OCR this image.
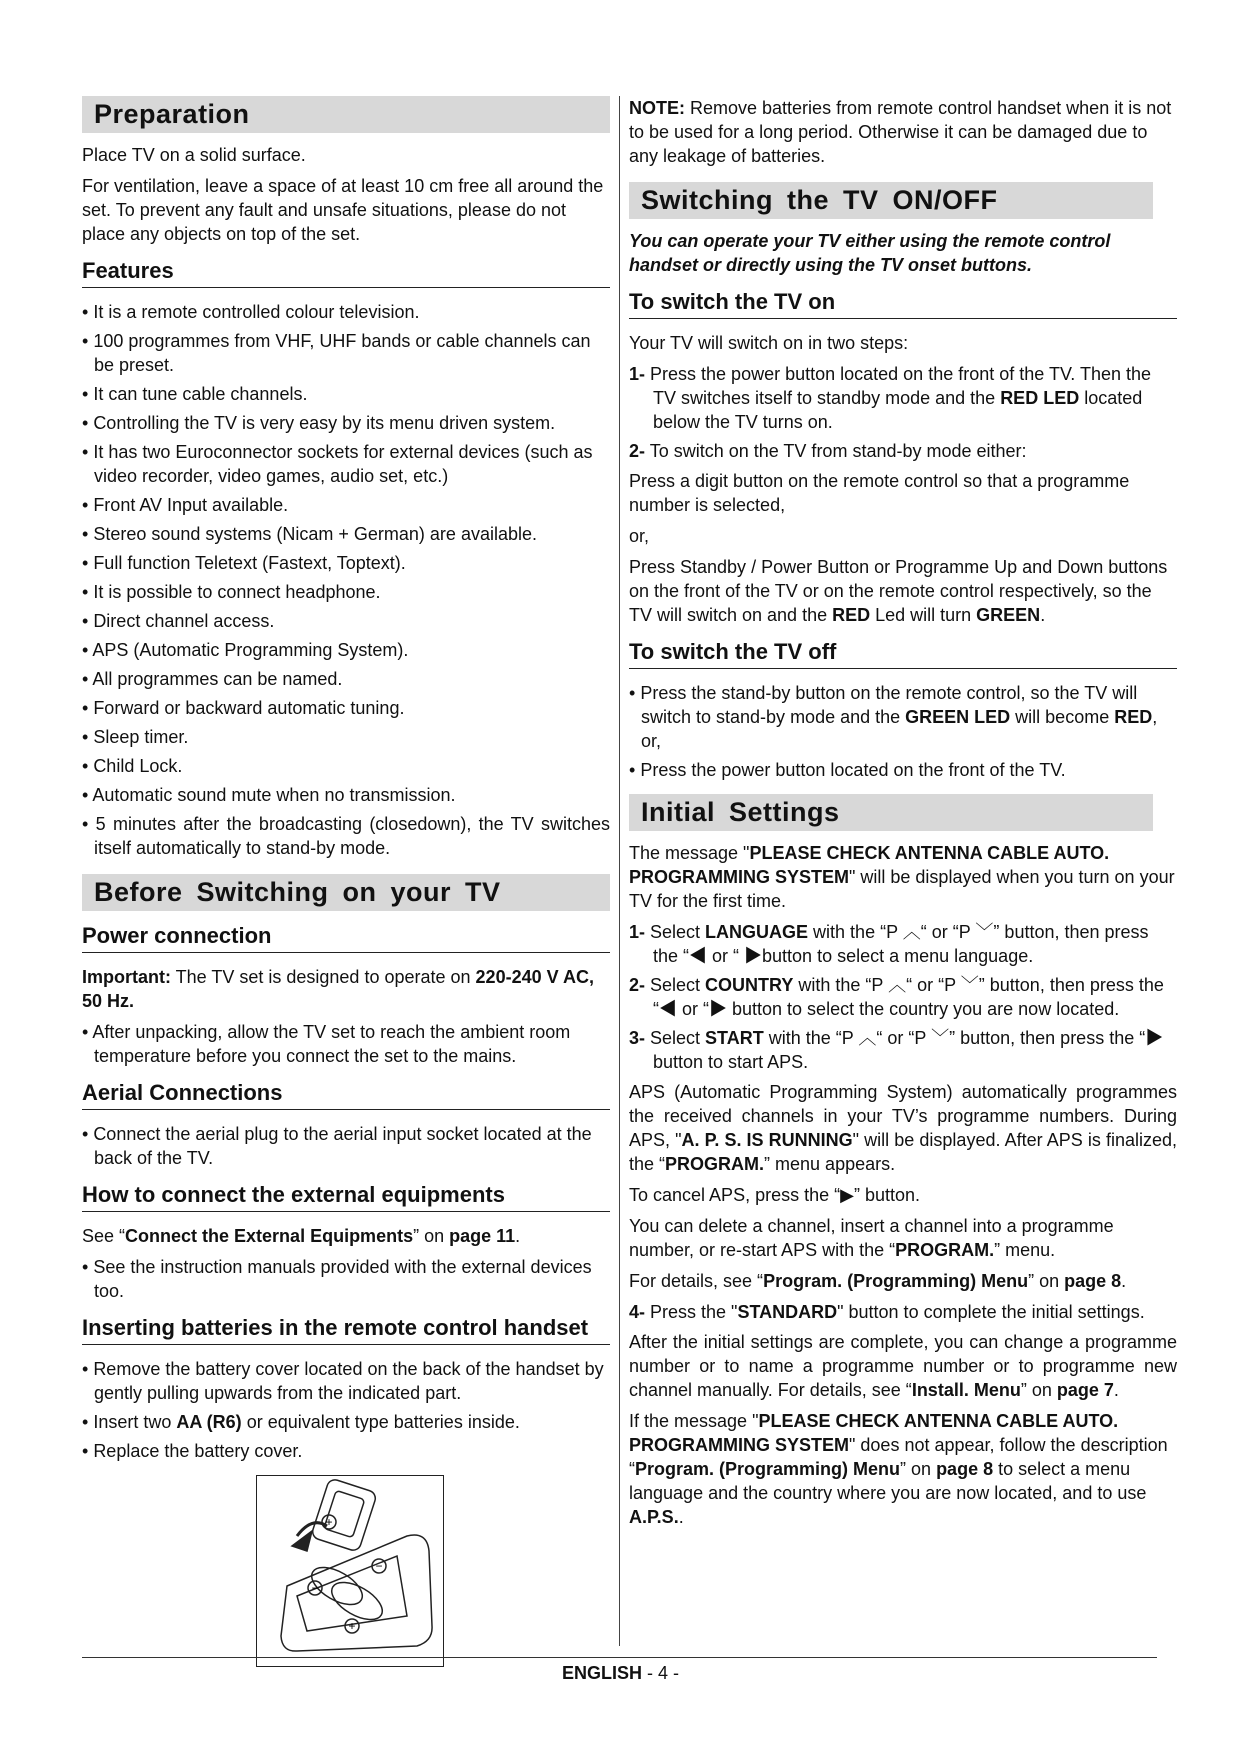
Preparation

Place TV on a solid surface.

For ventilation, leave a space of at least 10 cm free all around the set. To prevent any fault and unsafe situations, please do not place any objects on top of the set.

Features
• It is a remote controlled colour television.
• 100 programmes from VHF, UHF bands or cable channels can be preset.
• It can tune cable channels.
• Controlling the TV is very easy by its menu driven system.
• It has two Euroconnector sockets for external devices (such as video recorder, video games, audio set, etc.)
• Front AV Input available.
• Stereo sound systems (Nicam + German) are available.
• Full function Teletext (Fastext, Toptext).
• It is possible to connect headphone.
• Direct channel access.
• APS (Automatic Programming System).
• All programmes can be named.
• Forward or backward automatic tuning.
• Sleep timer.
• Child Lock.
• Automatic sound mute when no transmission.
• 5 minutes after the broadcasting (closedown), the TV switches itself automatically to stand-by mode.
Before Switching on your TV
Power connection

Important: The TV set is designed to operate on 220-240 V AC, 50 Hz.

• After unpacking, allow the TV set to reach the ambient room temperature before you connect the set to the mains.
Aerial Connections
• Connect the aerial plug to the aerial input socket located at the back of the TV.
How to connect the external equipments

See “Connect the External Equipments” on page 11.

• See the instruction manuals provided with the external devices too.
Inserting batteries in the remote control handset
• Remove the battery cover located on the back of the handset by gently pulling upwards from the indicated part.
• Insert two AA (R6) or equivalent type batteries inside.
• Replace the battery cover.
+
−
−
+

NOTE: Remove batteries from remote control handset when it is not to be used for a long period. Otherwise it can be damaged due to any leakage of batteries.

Switching the TV ON/OFF
You can operate your TV either using the remote control handset or directly using the TV onset buttons.
To switch the TV on

Your TV will switch on in two steps:

1- Press the power button located on the front of the TV. Then the TV switches itself to standby mode and the RED LED located below the TV turns on.
2- To switch on the TV from stand-by mode either:

Press a digit button on the remote control so that a programme number is selected,

or,

Press Standby / Power Button or Programme Up and Down buttons on the front of the TV or on the remote control respectively, so the TV will switch on and the RED Led will turn GREEN.

To switch the TV off
• Press the stand-by button on the remote control, so the TV will switch to stand-by mode and the GREEN LED will become RED, or,
• Press the power button located on the front of the TV.
Initial Settings

The message "PLEASE CHECK ANTENNA CABLE AUTO. PROGRAMMING SYSTEM" will be displayed when you turn on your TV for the first time.

1- Select LANGUAGE with the “P ︿“ or “P ﹀” button, then press the “◀ or “ ▶button to select a menu language.
2- Select COUNTRY with the “P ︿“ or “P ﹀” button, then press the “◀ or “▶ button to select the country you are now located.
3- Select START with the “P ︿“ or “P ﹀” button, then press the “▶ button to start APS.

APS (Automatic Programming System) automatically programmes the received channels in your TV’s programme numbers. During APS, "A. P. S. IS RUNNING" will be displayed. After APS is finalized, the “PROGRAM.” menu appears.

To cancel APS, press the “▶” button.

You can delete a channel, insert a channel into a programme number, or re-start APS with the “PROGRAM.” menu.

For details, see “Program. (Programming) Menu” on page 8.

4- Press the "STANDARD" button to complete the initial settings.

After the initial settings are complete, you can change a programme number or to name a programme number or to programme new channel manually. For details, see “Install. Menu” on page 7.

If the message "PLEASE CHECK ANTENNA CABLE AUTO. PROGRAMMING SYSTEM" does not appear, follow the description “Program. (Programming) Menu” on page 8 to select a menu language and the country where you are now located, and to use A.P.S..

ENGLISH - 4 -
